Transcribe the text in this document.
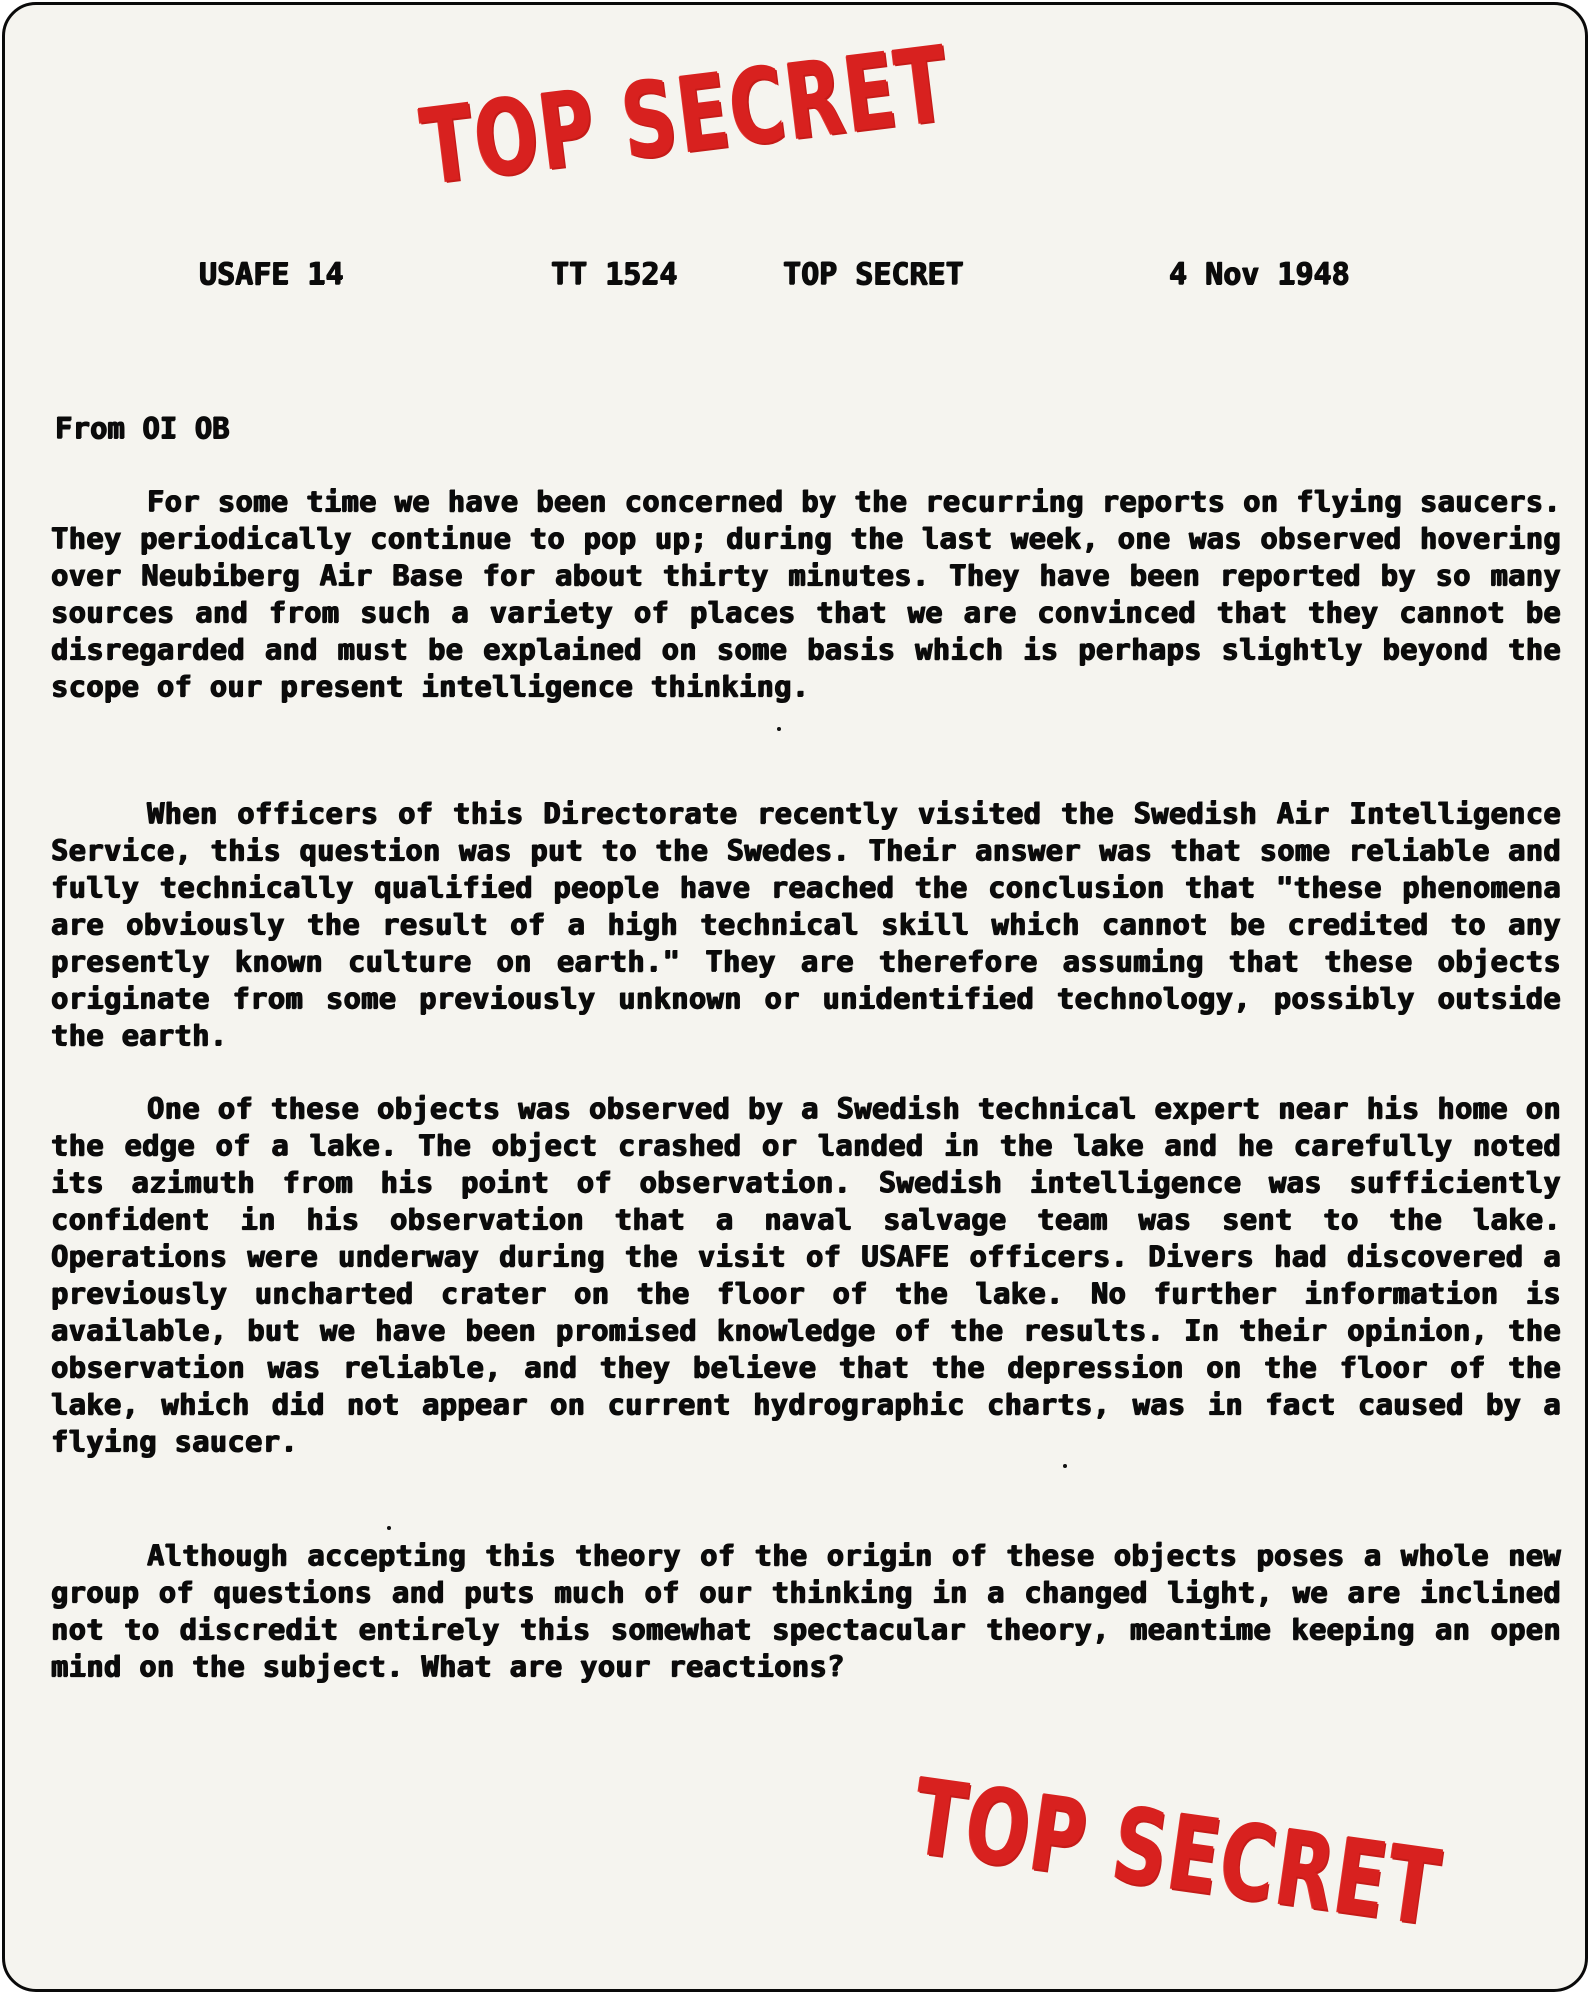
TOP SECRET
USAFE 14	TT 1524	TOP SECRET	4 Nov 1948
From OI OB

For some time we have been concerned by the recurring reports on flying saucers. They periodically continue to pop up; during the last week, one was observed hovering over Neubiberg Air Base for about thirty minutes. They have been reported by so many sources and from such a variety of places that we are convinced that they cannot be disregarded and must be explained on some basis which is perhaps slightly beyond the scope of our present intelligence thinking.

When officers of this Directorate recently visited the Swedish Air Intelligence Service, this question was put to the Swedes. Their answer was that some reliable and fully technically qualified people have reached the conclusion that "these phenomena are obviously the result of a high technical skill which cannot be credited to any presently known culture on earth." They are therefore assuming that these objects originate from some previously unknown or unidentified technology, possibly outside the earth.

One of these objects was observed by a Swedish technical expert near his home on the edge of a lake. The object crashed or landed in the lake and he carefully noted its azimuth from his point of observation. Swedish intelligence was sufficiently confident in his observation that a naval salvage team was sent to the lake. Operations were underway during the visit of USAFE officers. Divers had discovered a previously uncharted crater on the floor of the lake. No further information is available, but we have been promised knowledge of the results. In their opinion, the observation was reliable, and they believe that the depression on the floor of the lake, which did not appear on current hydrographic charts, was in fact caused by a flying saucer.

Although accepting this theory of the origin of these objects poses a whole new group of questions and puts much of our thinking in a changed light, we are inclined not to discredit entirely this somewhat spectacular theory, meantime keeping an open mind on the subject. What are your reactions?

TOP SECRET
